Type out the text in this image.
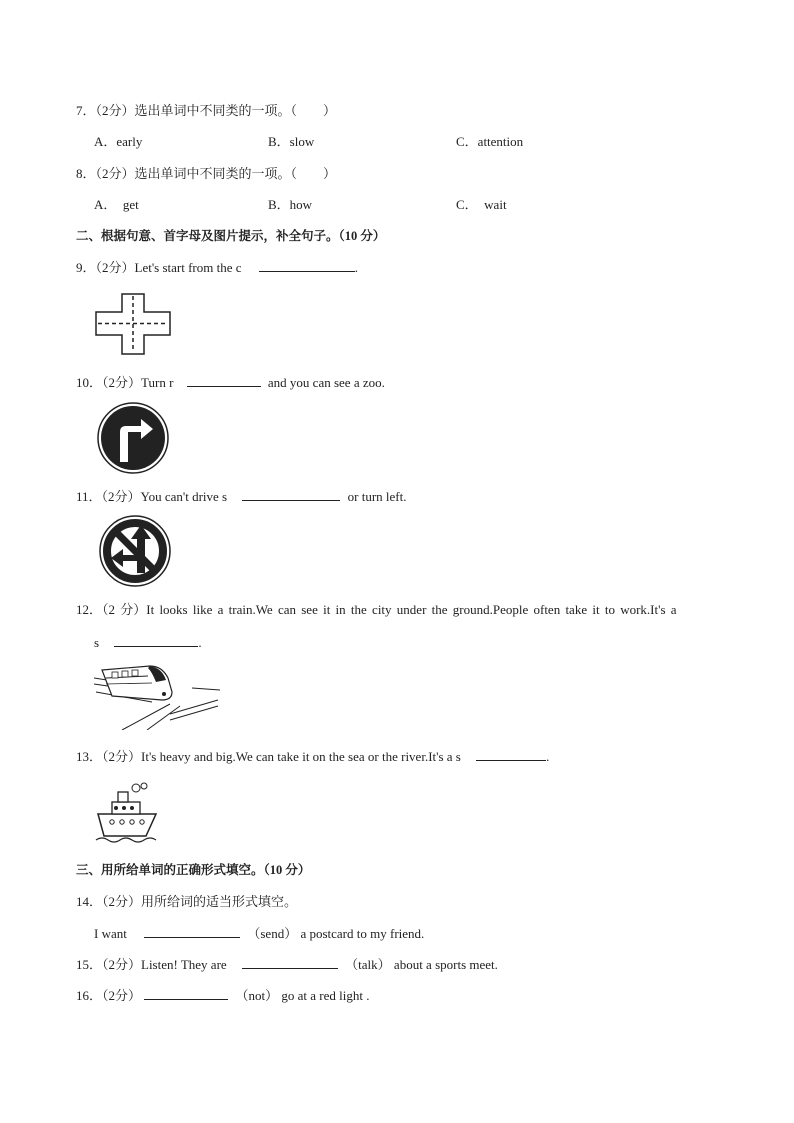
7．（2分）选出单词中不同类的一项。（　　）
A．early	B．slow	C．attention
8．（2分）选出单词中不同类的一项。（　　）
A．　get	B．how	C．　wait
二、根据句意、首字母及图片提示，补全句子。（10 分）
9．（2分）Let's start from the c	.
10．（2分）Turn r	and you can see a zoo.
11．（2分）You can't drive s	or turn left.
12．（2 分）It looks like a train.We can see it in the city under the ground.People often take it to work.It's a
s	.
13．（2分）It's heavy and big.We can take it on the sea or the river.It's a s	.
三、用所给单词的正确形式填空。（10 分）
14．（2分）用所给词的适当形式填空。
I want	（send） a postcard to my friend.
15．（2分）Listen! They are	（talk） about a sports meet.
16．（2分）	（not） go at a red light .
